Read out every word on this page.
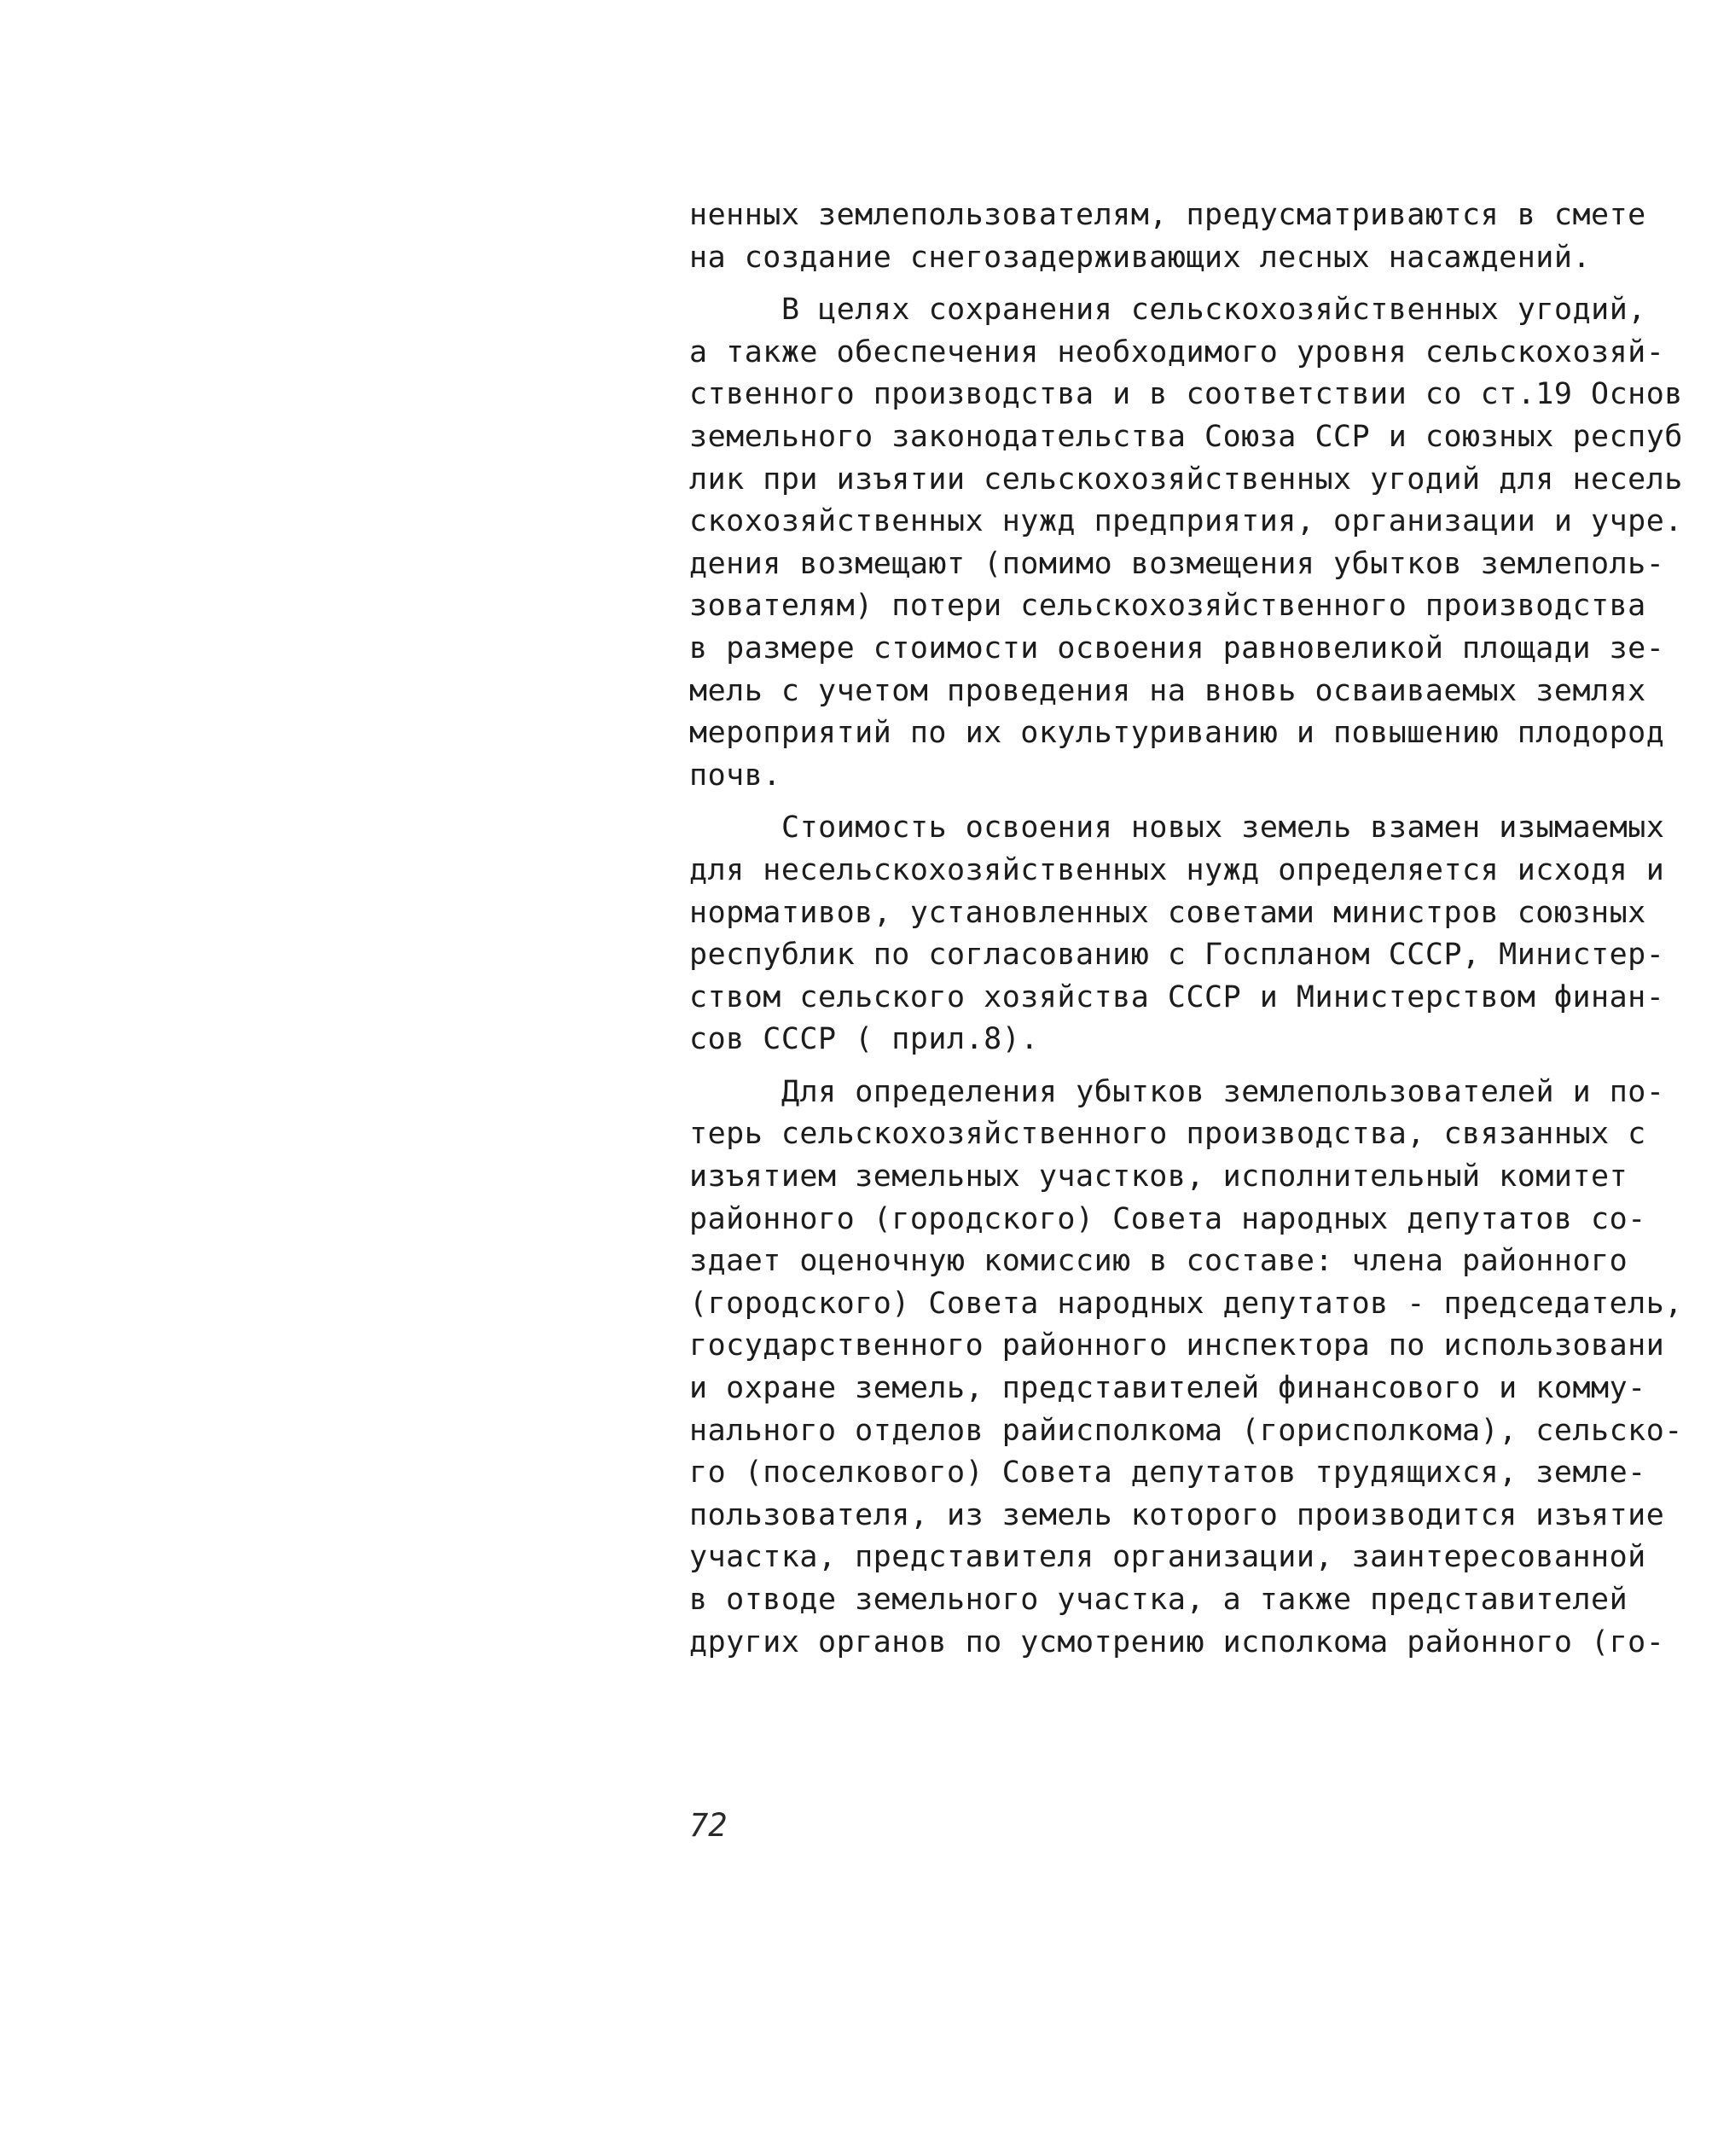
ненных землепользователям, предусматриваются в смете
на создание снегозадерживающих лесных насаждений.
В целях сохранения сельскохозяйственных угодий,
а также обеспечения необходимого уровня сельскохозяй-
ственного производства и в соответствии со ст.19 Основ
земельного законодательства Союза ССР и союзных респуб
лик при изъятии сельскохозяйственных угодий для несель
скохозяйственных нужд предприятия, организации и учре.
дения возмещают (помимо возмещения убытков землеполь-
зователям) потери сельскохозяйственного производства
в размере стоимости освоения равновеликой площади зе-
мель с учетом проведения на вновь осваиваемых землях
мероприятий по их окультуриванию и повышению плодород
почв.
Стоимость освоения новых земель взамен изымаемых
для несельскохозяйственных нужд определяется исходя и
нормативов, установленных советами министров союзных
республик по согласованию с Госпланом СССР, Министер-
ством сельского хозяйства СССР и Министерством финан-
сов СССР ( прил.8).
Для определения убытков землепользователей и по-
терь сельскохозяйственного производства, связанных с
изъятием земельных участков, исполнительный комитет
районного (городского) Совета народных депутатов со-
здает оценочную комиссию в составе: члена районного
(городского) Совета народных депутатов - председатель,
государственного районного инспектора по использовани
и охране земель, представителей финансового и комму-
нального отделов райисполкома (горисполкома), сельско-
го (поселкового) Совета депутатов трудящихся, земле-
пользователя, из земель которого производится изъятие
участка, представителя организации, заинтересованной
в отводе земельного участка, а также представителей
других органов по усмотрению исполкома районного (го-
72
